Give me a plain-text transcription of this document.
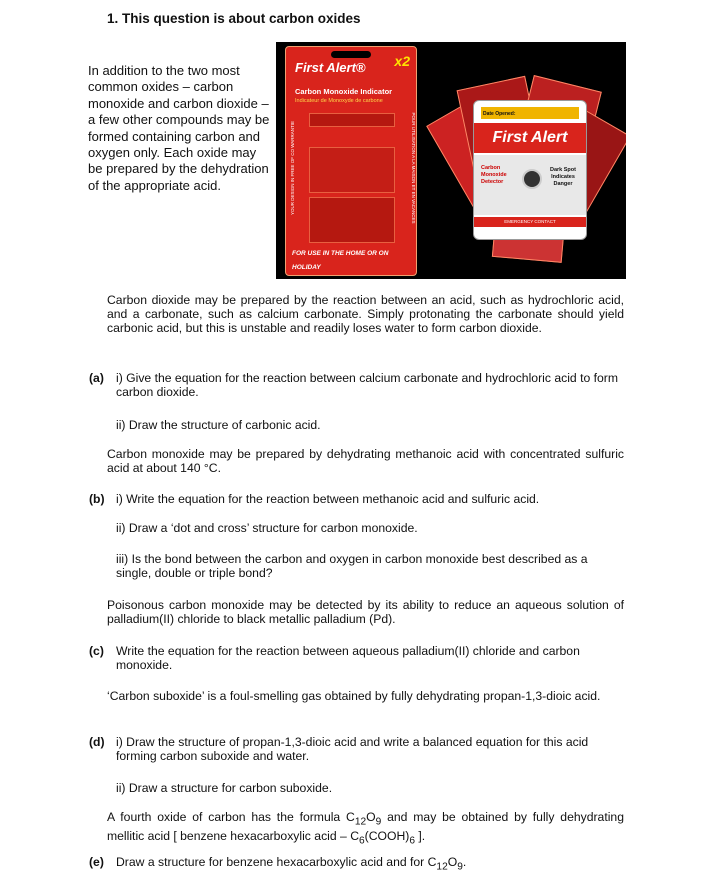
1. This question is about carbon oxides
In addition to the two most common oxides – carbon monoxide and carbon dioxide – a few other compounds may be formed containing carbon and oxygen only. Each oxide may be prepared by the dehydration of the appropriate acid.
First Alert® x2
Carbon Monoxide Indicator
Indicateur de Monoxyde de carbone
YOUR DESIGN IN FREE OF CO WARRANTIE	POUR UTILISATION A LA MAISON ET EN VACANCES
FOR USE IN THE HOME OR ON HOLIDAY
Date Opened:
First Alert
Carbon Monoxide Detector
Dark Spot Indicates Danger
EMERGENCY CONTACT
Carbon dioxide may be prepared by the reaction between an acid, such as hydrochloric acid, and a carbonate, such as calcium carbonate. Simply protonating the carbonate should yield carbonic acid, but this is unstable and readily loses water to form carbon dioxide.
(a) i) Give the equation for the reaction between calcium carbonate and hydrochloric acid to form carbon dioxide.
ii) Draw the structure of carbonic acid.
Carbon monoxide may be prepared by dehydrating methanoic acid with concentrated sulfuric acid at about 140 °C.
(b) i) Write the equation for the reaction between methanoic acid and sulfuric acid.
ii) Draw a ‘dot and cross’ structure for carbon monoxide.
iii) Is the bond between the carbon and oxygen in carbon monoxide best described as a single, double or triple bond?
Poisonous carbon monoxide may be detected by its ability to reduce an aqueous solution of palladium(II) chloride to black metallic palladium (Pd).
(c) Write the equation for the reaction between aqueous palladium(II) chloride and carbon monoxide.
‘Carbon suboxide’ is a foul-smelling gas obtained by fully dehydrating propan-1,3-dioic acid.
(d) i) Draw the structure of propan-1,3-dioic acid and write a balanced equation for this acid forming carbon suboxide and water.
ii) Draw a structure for carbon suboxide.
A fourth oxide of carbon has the formula $C_{12}O_9$ and may be obtained by fully dehydrating mellitic acid [ benzene hexacarboxylic acid – $C_6(COOH)_6$ ].
(e) Draw a structure for benzene hexacarboxylic acid and for $C_{12}O_9$.
